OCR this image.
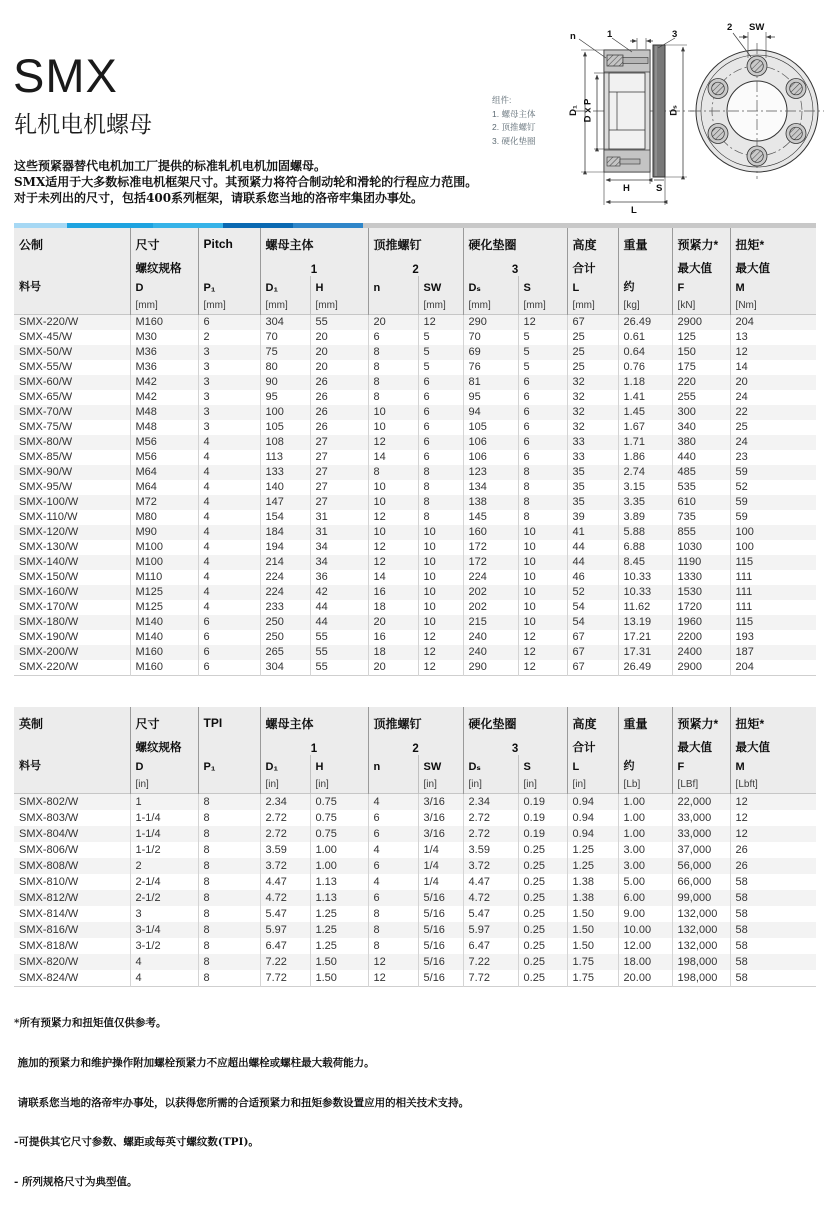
SMX
轧机电机螺母
这些预紧器替代电机加工厂提供的标准轧机电机加固螺母。
SMX适用于大多数标准电机框架尺寸。其预紧力将符合制动轮和滑轮的行程应力范围。
对于未列出的尺寸，包括400系列框架，请联系您当地的洛帝牢集团办事处。
n	1	3
2 SW
D₁ D x P	Dₛ
H	S
L
组件:
1. 螺母主体
2. 顶推螺钉
3. 硬化垫圈
公制	尺寸	Pitch	螺母主体		顶推螺钉		硬化垫圈		高度	重量	预紧力*	扭矩*
	螺纹规格		1		2		3		合计		最大值	最大值
料号	D	P₁	D₁	H	n	SW	Dₛ	S	L	约	F	M
	[mm]	[mm]	[mm]	[mm]		[mm]	[mm]	[mm]	[mm]	[kg]	[kN]	[Nm]
SMX-220/W	M160	6	304	55	20	12	290	12	67	26.49	2900	204
SMX-45/W	M30	2	70	20	6	5	70	5	25	0.61	125	13
SMX-50/W	M36	3	75	20	8	5	69	5	25	0.64	150	12
SMX-55/W	M36	3	80	20	8	5	76	5	25	0.76	175	14
SMX-60/W	M42	3	90	26	8	6	81	6	32	1.18	220	20
SMX-65/W	M42	3	95	26	8	6	95	6	32	1.41	255	24
SMX-70/W	M48	3	100	26	10	6	94	6	32	1.45	300	22
SMX-75/W	M48	3	105	26	10	6	105	6	32	1.67	340	25
SMX-80/W	M56	4	108	27	12	6	106	6	33	1.71	380	24
SMX-85/W	M56	4	113	27	14	6	106	6	33	1.86	440	23
SMX-90/W	M64	4	133	27	8	8	123	8	35	2.74	485	59
SMX-95/W	M64	4	140	27	10	8	134	8	35	3.15	535	52
SMX-100/W	M72	4	147	27	10	8	138	8	35	3.35	610	59
SMX-110/W	M80	4	154	31	12	8	145	8	39	3.89	735	59
SMX-120/W	M90	4	184	31	10	10	160	10	41	5.88	855	100
SMX-130/W	M100	4	194	34	12	10	172	10	44	6.88	1030	100
SMX-140/W	M100	4	214	34	12	10	172	10	44	8.45	1190	115
SMX-150/W	M110	4	224	36	14	10	224	10	46	10.33	1330	111
SMX-160/W	M125	4	224	42	16	10	202	10	52	10.33	1530	111
SMX-170/W	M125	4	233	44	18	10	202	10	54	11.62	1720	111
SMX-180/W	M140	6	250	44	20	10	215	10	54	13.19	1960	115
SMX-190/W	M140	6	250	55	16	12	240	12	67	17.21	2200	193
SMX-200/W	M160	6	265	55	18	12	240	12	67	17.31	2400	187
SMX-220/W	M160	6	304	55	20	12	290	12	67	26.49	2900	204
英制	尺寸	TPI	螺母主体		顶推螺钉		硬化垫圈		高度	重量	预紧力*	扭矩*
	螺纹规格		1		2		3		合计		最大值	最大值
料号	D	P₁	D₁	H	n	SW	Dₛ	S	L	约	F	M
	[in]		[in]	[in]		[in]	[in]	[in]	[in]	[Lb]	[LBf]	[Lbft]
SMX-802/W	1	8	2.34	0.75	4	3/16	2.34	0.19	0.94	1.00	22,000	12
SMX-803/W	1-1/4	8	2.72	0.75	6	3/16	2.72	0.19	0.94	1.00	33,000	12
SMX-804/W	1-1/4	8	2.72	0.75	6	3/16	2.72	0.19	0.94	1.00	33,000	12
SMX-806/W	1-1/2	8	3.59	1.00	4	1/4	3.59	0.25	1.25	3.00	37,000	26
SMX-808/W	2	8	3.72	1.00	6	1/4	3.72	0.25	1.25	3.00	56,000	26
SMX-810/W	2-1/4	8	4.47	1.13	4	1/4	4.47	0.25	1.38	5.00	66,000	58
SMX-812/W	2-1/2	8	4.72	1.13	6	5/16	4.72	0.25	1.38	6.00	99,000	58
SMX-814/W	3	8	5.47	1.25	8	5/16	5.47	0.25	1.50	9.00	132,000	58
SMX-816/W	3-1/4	8	5.97	1.25	8	5/16	5.97	0.25	1.50	10.00	132,000	58
SMX-818/W	3-1/2	8	6.47	1.25	8	5/16	6.47	0.25	1.50	12.00	132,000	58
SMX-820/W	4	8	7.22	1.50	12	5/16	7.22	0.25	1.75	18.00	198,000	58
SMX-824/W	4	8	7.72	1.50	12	5/16	7.72	0.25	1.75	20.00	198,000	58

*所有预紧力和扭矩值仅供参考。

施加的预紧力和维护操作附加螺栓预紧力不应超出螺栓或螺柱最大载荷能力。

请联系您当地的洛帝牢办事处，以获得您所需的合适预紧力和扭矩参数设置应用的相关技术支持。

-可提供其它尺寸参数、螺距或每英寸螺纹数(TPI)。

- 所列规格尺寸为典型值。
